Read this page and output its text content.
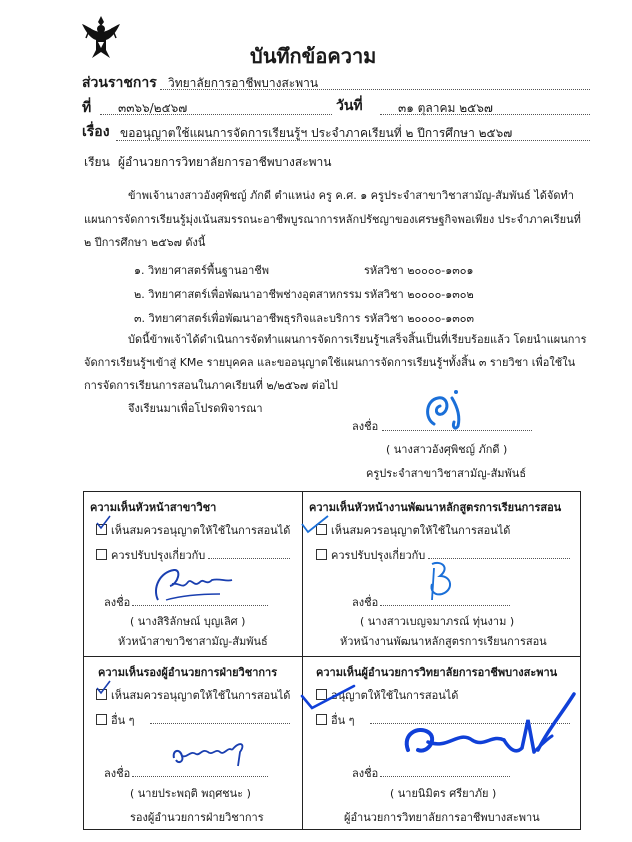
บันทึกข้อความ
ส่วนราชการ วิทยาลัยการอาชีพบางสะพาน
ที่ ๓๓๖๖/๒๕๖๗	วันที่	๓๑ ตุลาคม ๒๕๖๗
เรื่อง ขออนุญาตใช้แผนการจัดการเรียนรู้ฯ ประจำภาคเรียนที่ ๒ ปีการศึกษา ๒๕๖๗
เรียน ผู้อำนวยการวิทยาลัยการอาชีพบางสะพาน
ข้าพเจ้านางสาวอังศุพิชญ์ ภักดี ตำแหน่ง ครู ค.ศ. ๑ ครูประจำสาขาวิชาสามัญ-สัมพันธ์ ได้จัดทำ
แผนการจัดการเรียนรู้มุ่งเน้นสมรรถนะอาชีพบูรณาการหลักปรัชญาของเศรษฐกิจพอเพียง ประจำภาคเรียนที่
๒ ปีการศึกษา ๒๕๖๗ ดังนี้
๑. วิทยาศาสตร์พื้นฐานอาชีพ	รหัสวิชา ๒๐๐๐๐-๑๓๐๑
๒. วิทยาศาสตร์เพื่อพัฒนาอาชีพช่างอุตสาหกรรม รหัสวิชา ๒๐๐๐๐-๑๓๐๒
๓. วิทยาศาสตร์เพื่อพัฒนาอาชีพธุรกิจและบริการ รหัสวิชา ๒๐๐๐๐-๑๓๐๓
บัดนี้ข้าพเจ้าได้ดำเนินการจัดทำแผนการจัดการเรียนรู้ฯเสร็จสิ้นเป็นที่เรียบร้อยแล้ว โดยนำแผนการ
จัดการเรียนรู้ฯเข้าสู่ KMe รายบุคคล และขออนุญาตใช้แผนการจัดการเรียนรู้ฯทั้งสิ้น ๓ รายวิชา เพื่อใช้ใน
การจัดการเรียนการสอนในภาคเรียนที่ ๒/๒๕๖๗ ต่อไป
จึงเรียนมาเพื่อโปรดพิจารณา
ลงชื่อ
( นางสาวอังศุพิชญ์ ภักดี )
ครูประจำสาขาวิชาสามัญ-สัมพันธ์
ความเห็นหัวหน้าสาขาวิชา
เห็นสมควรอนุญาตให้ใช้ในการสอนได้
ควรปรับปรุงเกี่ยวกับ
ลงชื่อ
( นางสิริลักษณ์ บุญเลิศ )
หัวหน้าสาขาวิชาสามัญ-สัมพันธ์
ความเห็นหัวหน้างานพัฒนาหลักสูตรการเรียนการสอน
เห็นสมควรอนุญาตให้ใช้ในการสอนได้
ควรปรับปรุงเกี่ยวกับ
ลงชื่อ
( นางสาวเบญจมาภรณ์ ทุ่นงาม )
หัวหน้างานพัฒนาหลักสูตรการเรียนการสอน
ความเห็นรองผู้อำนวยการฝ่ายวิชาการ
เห็นสมควรอนุญาตให้ใช้ในการสอนได้
อื่น ๆ
ลงชื่อ
( นายประพฤติ พฤศชนะ )
รองผู้อำนวยการฝ่ายวิชาการ
ความเห็นผู้อำนวยการวิทยาลัยการอาชีพบางสะพาน
อนุญาตให้ใช้ในการสอนได้
อื่น ๆ
ลงชื่อ
( นายนิมิตร ศรียาภัย )
ผู้อำนวยการวิทยาลัยการอาชีพบางสะพาน
